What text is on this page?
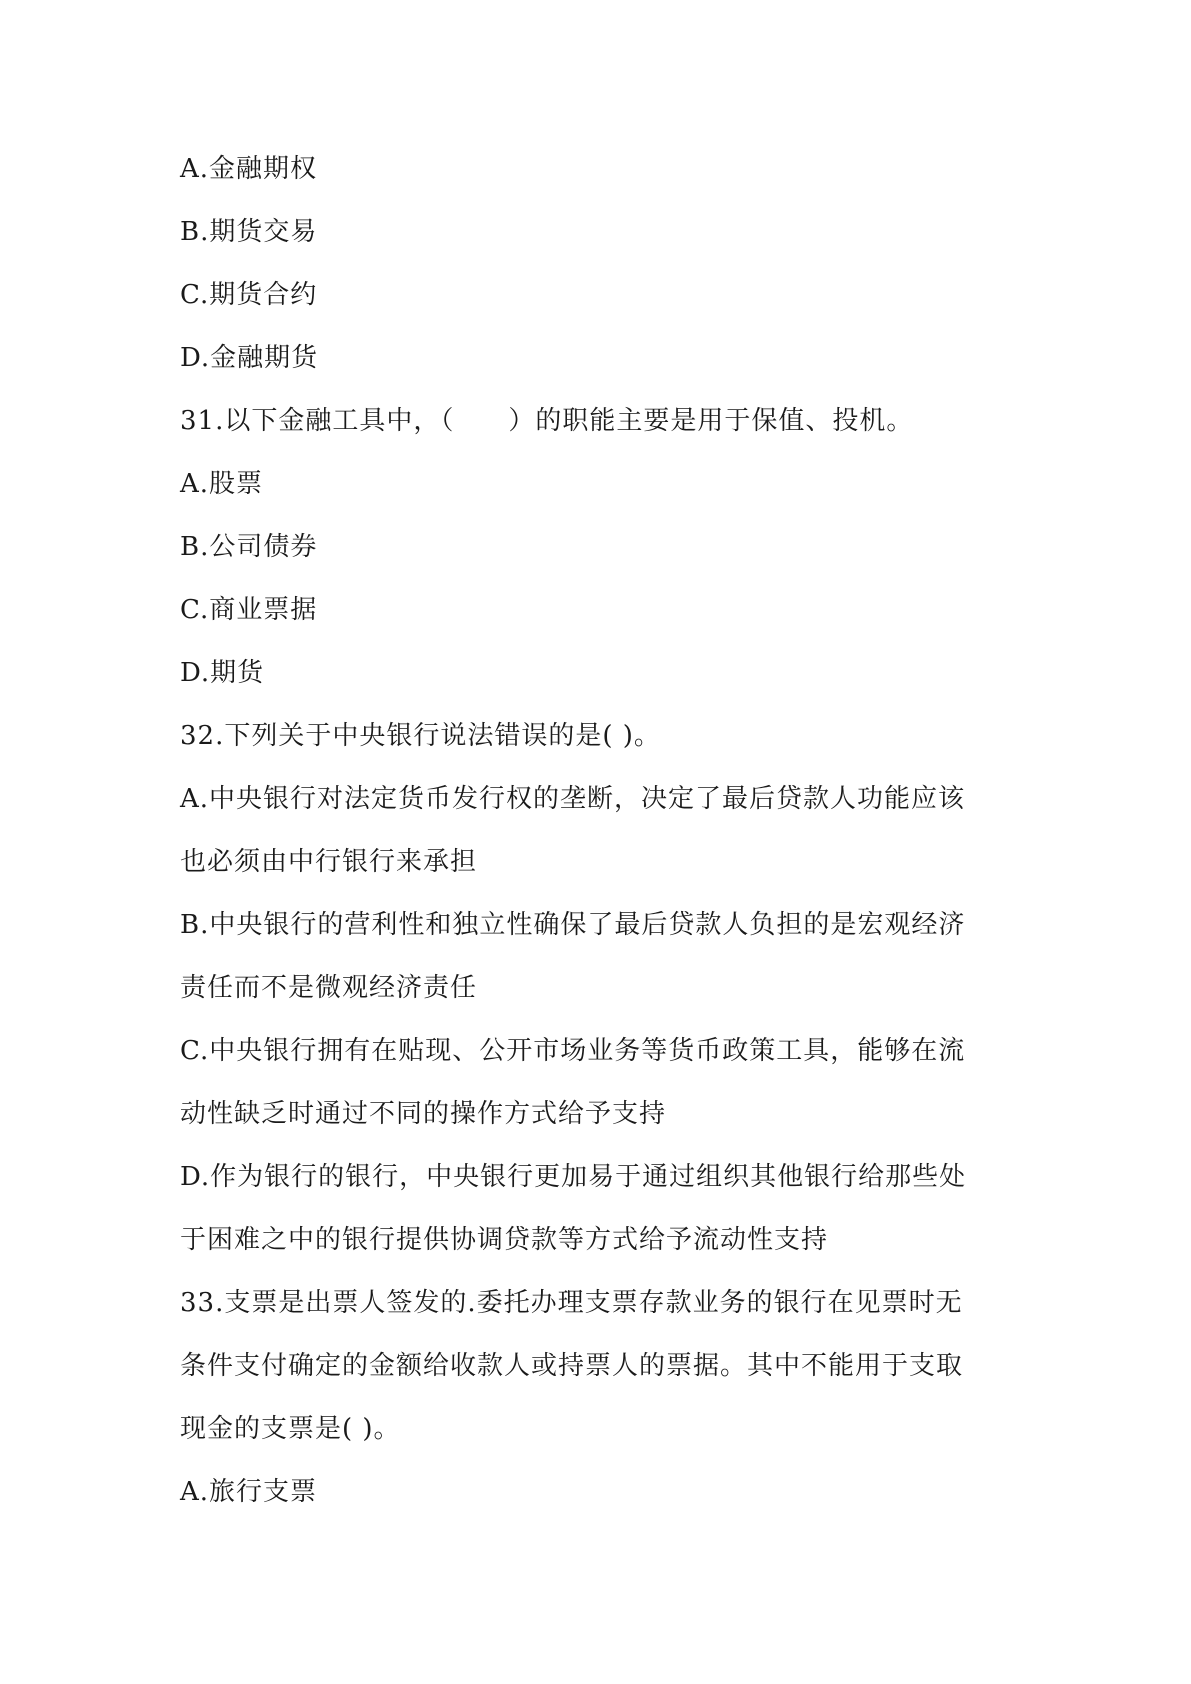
A.金融期权

B.期货交易

C.期货合约

D.金融期货

31.以下金融工具中，（　　）的职能主要是用于保值、投机。

A.股票

B.公司债券

C.商业票据

D.期货

32.下列关于中央银行说法错误的是( )。

A.中央银行对法定货币发行权的垄断，决定了最后贷款人功能应该

也必须由中行银行来承担

B.中央银行的营利性和独立性确保了最后贷款人负担的是宏观经济

责任而不是微观经济责任

C.中央银行拥有在贴现、公开市场业务等货币政策工具，能够在流

动性缺乏时通过不同的操作方式给予支持

D.作为银行的银行，中央银行更加易于通过组织其他银行给那些处

于困难之中的银行提供协调贷款等方式给予流动性支持

33.支票是出票人签发的.委托办理支票存款业务的银行在见票时无

条件支付确定的金额给收款人或持票人的票据。其中不能用于支取

现金的支票是( )。

A.旅行支票
